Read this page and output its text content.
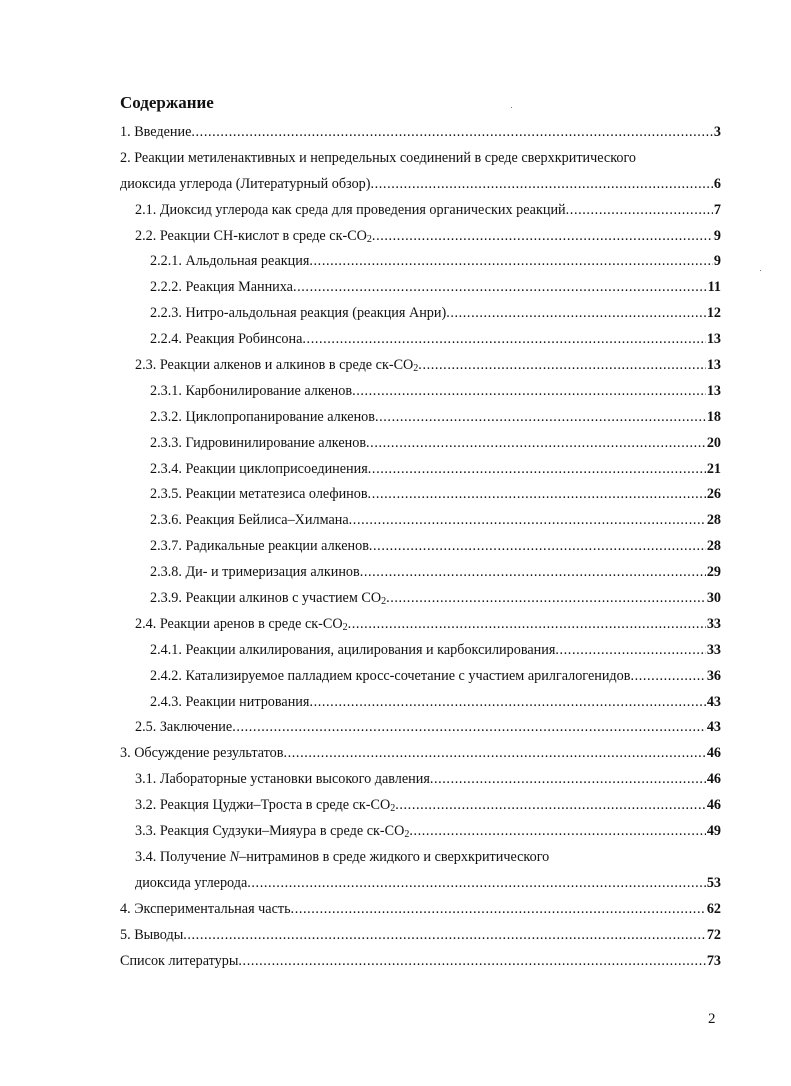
Содержание
1. Введение .....	3
2. Реакции метиленактивных и непредельных соединений в среде сверхкритического
диоксида углерода (Литературный обзор) .....	6
2.1. Диоксид углерода как среда для проведения органических реакций .....	7
2.2. Реакции СН-кислот в среде $ск-СO_2$ .....	9
2.2.1. Альдольная реакция .....	9
2.2.2. Реакция Манниха .....	11
2.2.3. Нитро-альдольная реакция (реакция Анри) .....	12
2.2.4. Реакция Робинсона .....	13
2.3. Реакции алкенов и алкинов в среде $ск-СO_2$ .....	13
2.3.1. Карбонилирование алкенов .....	13
2.3.2. Циклопропанирование алкенов .....	18
2.3.3. Гидровинилирование алкенов .....	20
2.3.4. Реакции циклоприсоединения .....	21
2.3.5. Реакции метатезиса олефинов .....	26
2.3.6. Реакция Бейлиса–Хилмана .....	28
2.3.7. Радикальные реакции алкенов .....	28
2.3.8. Ди- и тримеризация алкинов .....	29
2.3.9. Реакции алкинов с участием $СO_2$ .....	30
2.4. Реакции аренов в среде $ск-СO_2$ .....	33
2.4.1. Реакции алкилирования, ацилирования и карбоксилирования .....	33
2.4.2. Катализируемое палладием кросс-сочетание с участием арилгалогенидов .....	36
2.4.3. Реакции нитрования .....	43
2.5. Заключение .....	43
3. Обсуждение результатов .....	46
3.1. Лабораторные установки высокого давления .....	46
3.2. Реакция Цуджи–Троста в среде $ск-СO_2$ .....	46
3.3. Реакция Судзуки–Мияура в среде $ск-СO_2$ .....	49
3.4. Получение N–нитраминов в среде жидкого и сверхкритического
диоксида углерода .....	53
4. Экспериментальная часть .....	62
5. Выводы .....	72
Список литературы .....	73
2
